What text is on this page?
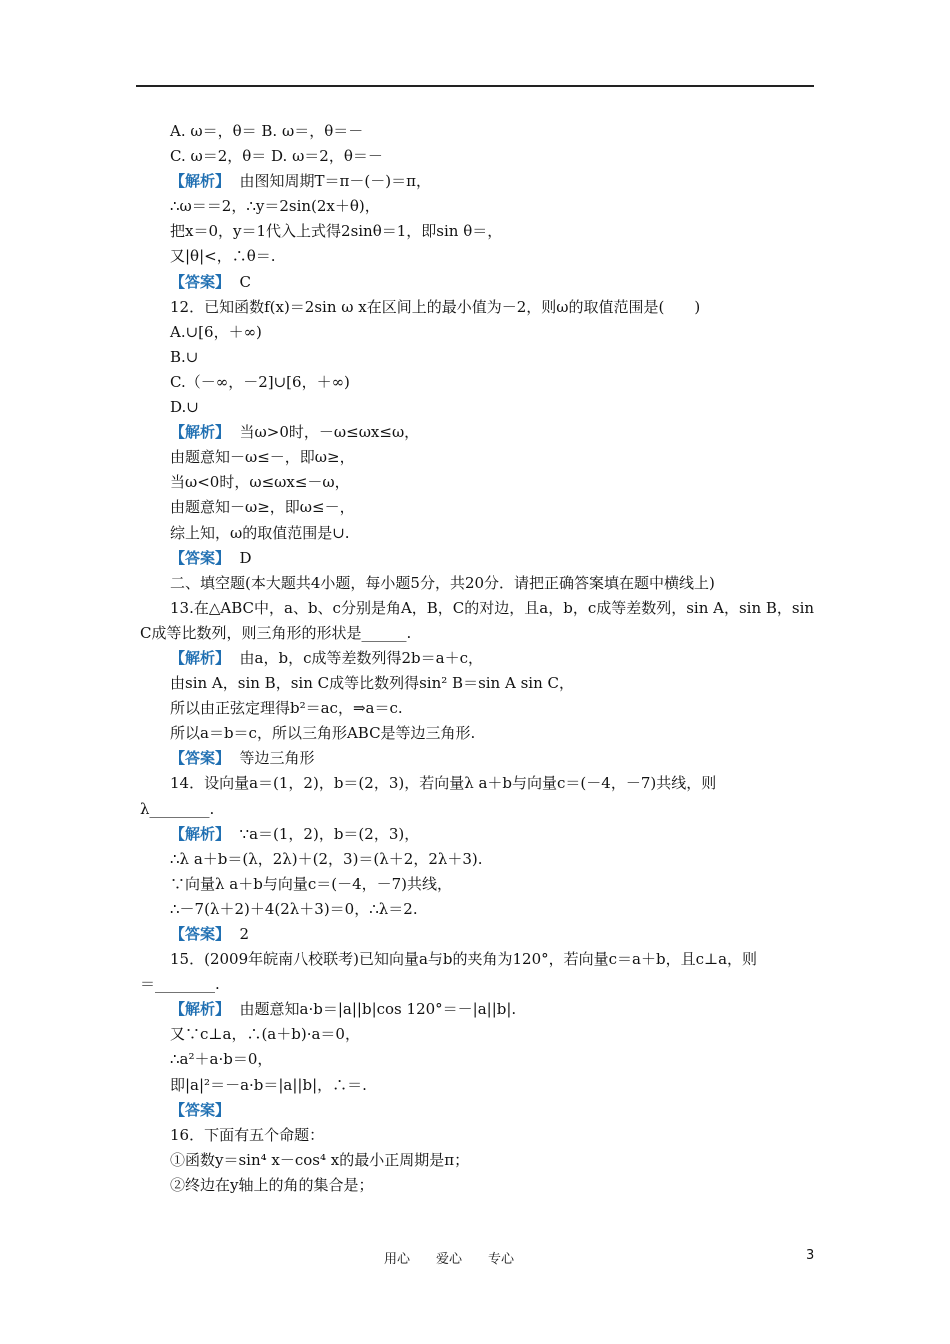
A. ω＝，θ＝ B. ω＝，θ＝－
C. ω＝2，θ＝ D. ω＝2，θ＝－
【解析】  由图知周期T＝π－(－)＝π，
∴ω＝＝2，∴y＝2sin(2x＋θ)，
把x＝0，y＝1代入上式得2sinθ＝1，即sin θ＝，
又|θ|<，∴θ＝.
【答案】  C
12．已知函数f(x)＝2sin ω x在区间上的最小值为－2，则ω的取值范围是(　　)
A.∪[6，＋∞)
B.∪
C.（－∞，－2]∪[6，＋∞)
D.∪
【解析】  当ω>0时，－ω≤ωx≤ω，
由题意知－ω≤－，即ω≥，
当ω<0时，ω≤ωx≤－ω，
由题意知－ω≥，即ω≤－，
综上知，ω的取值范围是∪.
【答案】  D
二、填空题(本大题共4小题，每小题5分，共20分．请把正确答案填在题中横线上)
13.在△ABC中，a、b、c分别是角A，B，C的对边，且a，b，c成等差数列，sin A，sin B，sin
C成等比数列，则三角形的形状是______.
【解析】  由a，b，c成等差数列得2b＝a＋c，
由sin A，sin B，sin C成等比数列得sin² B＝sin A sin C，
所以由正弦定理得b²＝ac，⇒a＝c.
所以a＝b＝c，所以三角形ABC是等边三角形.
【答案】  等边三角形
14．设向量a＝(1，2)，b＝(2，3)，若向量λ a＋b与向量c＝(－4，－7)共线，则
λ________.
【解析】  ∵a＝(1，2)，b＝(2，3)，
∴λ a＋b＝(λ，2λ)＋(2，3)＝(λ＋2，2λ＋3).
∵向量λ a＋b与向量c＝(－4，－7)共线，
∴－7(λ＋2)＋4(2λ＋3)＝0，∴λ＝2.
【答案】  2
15．(2009年皖南八校联考)已知向量a与b的夹角为120°，若向量c＝a＋b，且c⊥a，则
＝________.
【解析】  由题意知a·b＝|a||b|cos 120°＝－|a||b|.
又∵c⊥a，∴(a＋b)·a＝0，
∴a²＋a·b＝0，
即|a|²＝－a·b＝|a||b|，∴＝.
【答案】
16．下面有五个命题：
①函数y＝sin⁴ x－cos⁴ x的最小正周期是π；
②终边在y轴上的角的集合是；
用心　　爱心　　专心	3
